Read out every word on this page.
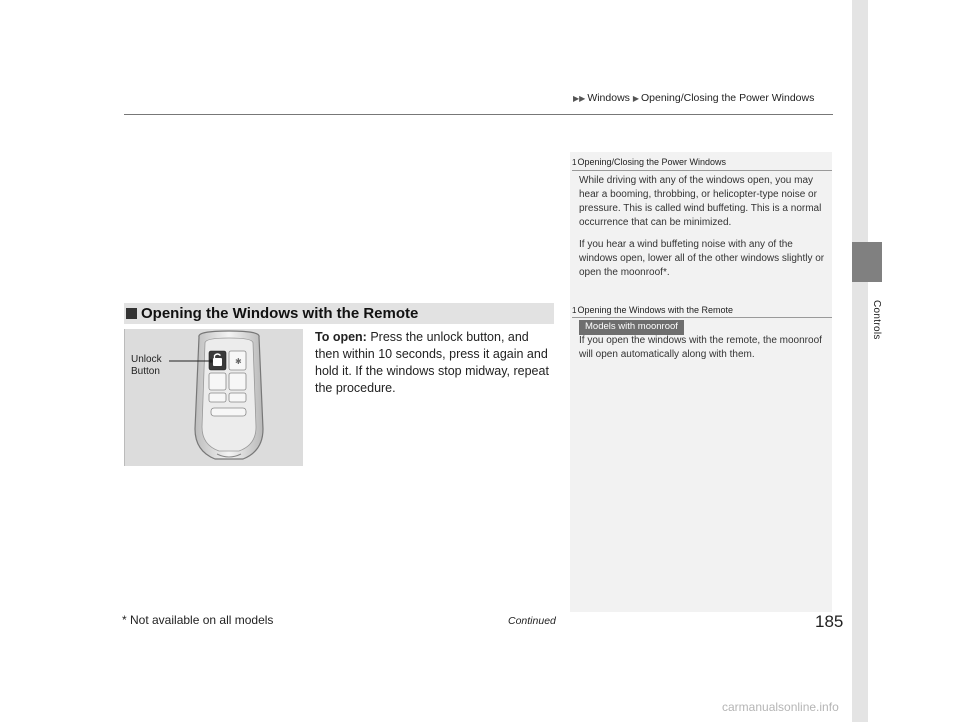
▶▶ Windows ▶ Opening/Closing the Power Windows
Controls
1Opening/Closing the Power Windows

While driving with any of the windows open, you may hear a booming, throbbing, or helicopter-type noise or pressure. This is called wind buffeting. This is a normal occurrence that can be minimized.

If you hear a wind buffeting noise with any of the windows open, lower all of the other windows slightly or open the moonroof*.

1Opening the Windows with the Remote
Models with moonroof

If you open the windows with the remote, the moonroof will open automatically along with them.

Opening the Windows with the Remote
✱
Unlock
Button
To open: Press the unlock button, and then within 10 seconds, press it again and hold it. If the windows stop midway, repeat the procedure.
* Not available on all models	Continued	185
carmanualsonline.info
